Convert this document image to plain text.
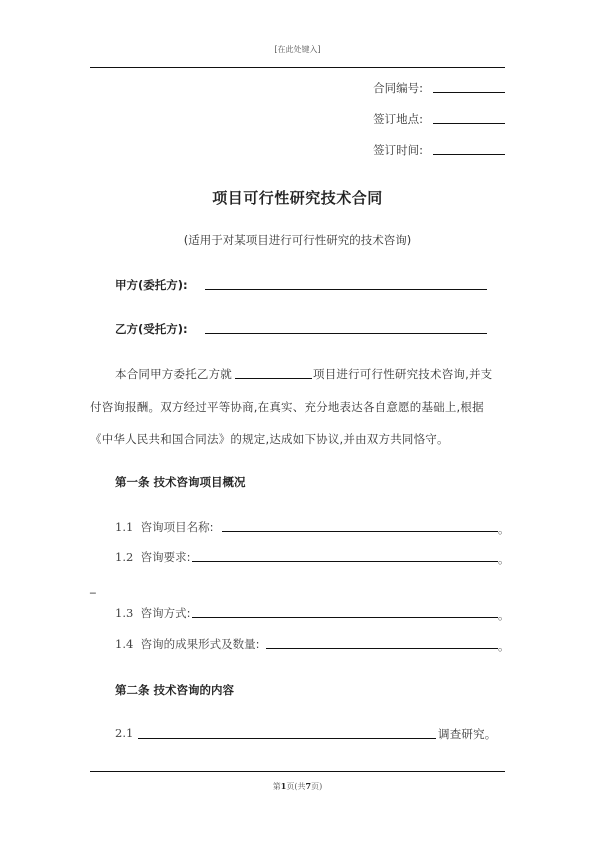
[在此处键入]
合同编号:
签订地点:
签订时间:
项目可行性研究技术合同
(适用于对某项目进行可行性研究的技术咨询)
甲方(委托方):
乙方(受托方):
本合同甲方委托乙方就	项目进行可行性研究技术咨询,并支
付咨询报酬。双方经过平等协商,在真实、充分地表达各自意愿的基础上,根据
《中华人民共和国合同法》的规定,达成如下协议,并由双方共同恪守。
第一条 技术咨询项目概况
1.1 咨询项目名称:	。
1.2 咨询要求:	。
_
1.3 咨询方式:	。
1.4 咨询的成果形式及数量:	。
第二条 技术咨询的内容
2.1	调查研究。
第1页(共7页)
